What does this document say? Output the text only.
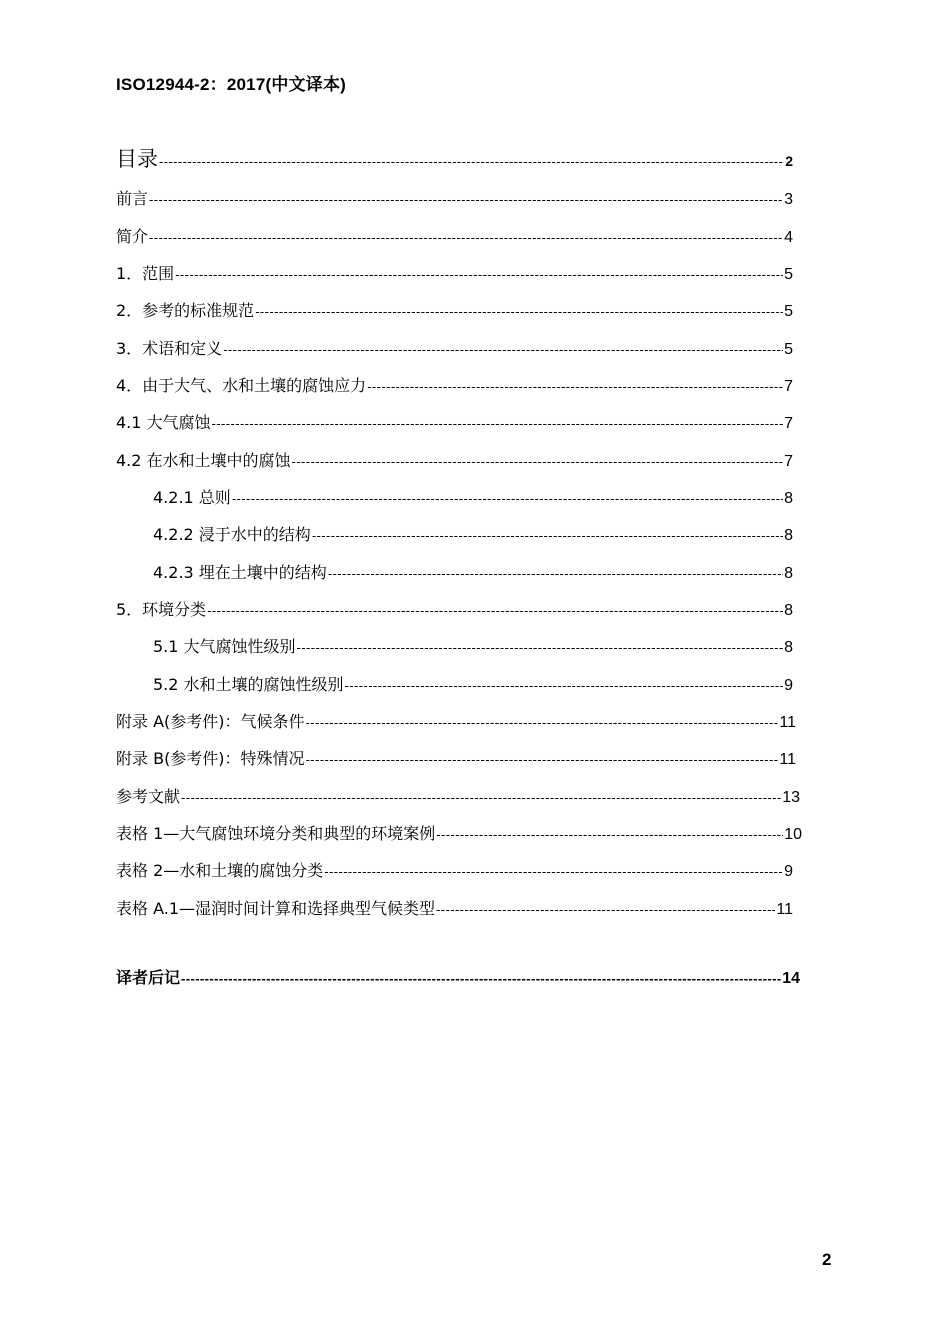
ISO12944-2：2017(中文译本)
目录 -----	2
前言 -----	3
简介 -----	4
1．范围 -----	5
2．参考的标准规范 -----	5
3．术语和定义 -----	5
4．由于大气、水和土壤的腐蚀应力 -----	7
4.1 大气腐蚀 -----	7
4.2 在水和土壤中的腐蚀 -----	7
4.2.1 总则 -----	8
4.2.2 浸于水中的结构 -----	8
4.2.3 埋在土壤中的结构 -----	8
5．环境分类 -----	8
5.1 大气腐蚀性级别 -----	8
5.2 水和土壤的腐蚀性级别 -----	9
附录 A(参考件)：气候条件 -----	11
附录 B(参考件)：特殊情况 -----	11
参考文献 -----	13
表格 1—大气腐蚀环境分类和典型的环境案例 -----	10
表格 2—水和土壤的腐蚀分类 -----	9
表格 A.1—湿润时间计算和选择典型气候类型 -----	11
译者后记 -----	14
2
